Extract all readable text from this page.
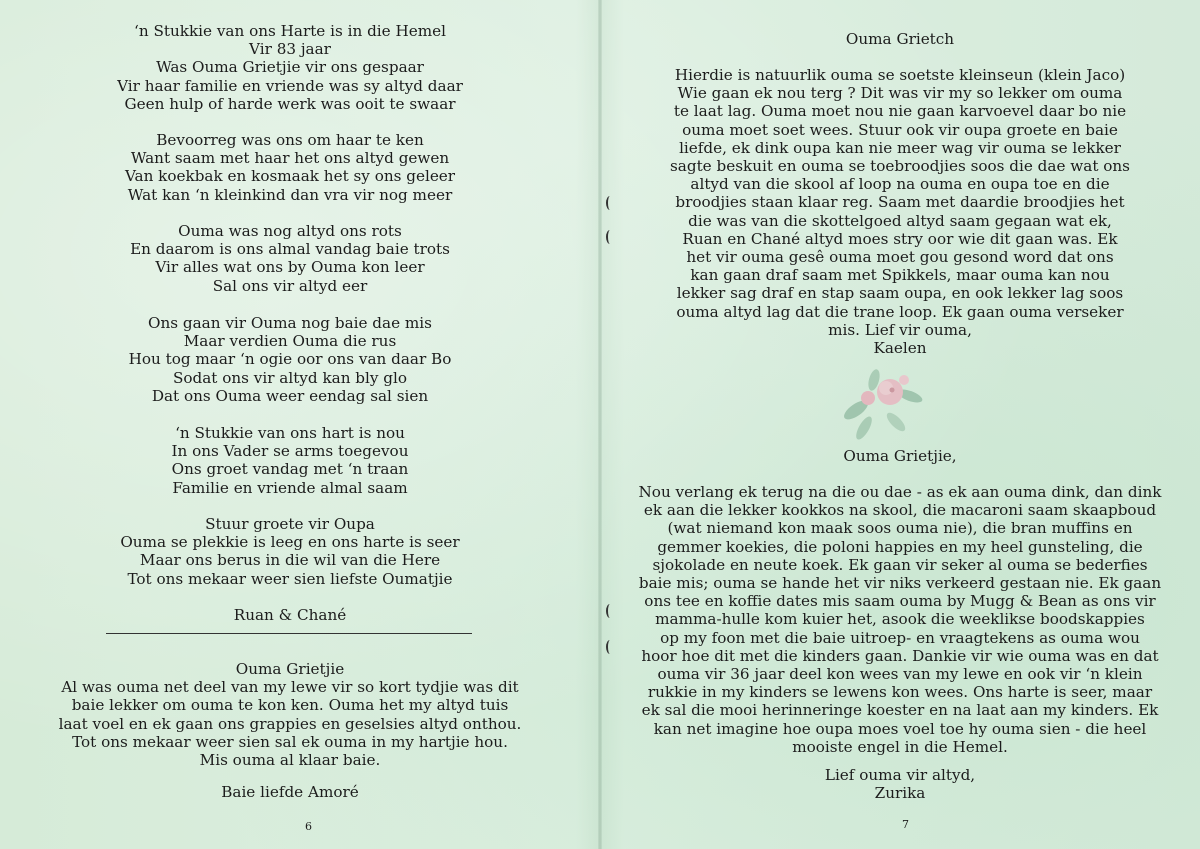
‘n Stukkie van ons Harte is in die Hemel

Vir 83 jaar

Was Ouma Grietjie vir ons gespaar

Vir haar familie en vriende was sy altyd daar

Geen hulp of harde werk was ooit te swaar

Bevoorreg was ons om haar te ken

Want saam met haar het ons altyd gewen

Van koekbak en kosmaak het sy ons geleer

Wat kan ‘n kleinkind dan vra vir nog meer

Ouma was nog altyd ons rots

En daarom is ons almal vandag baie trots

Vir alles wat ons by Ouma kon leer

Sal ons vir altyd eer

Ons gaan vir Ouma nog baie dae mis

Maar verdien Ouma die rus

Hou tog maar ‘n ogie oor ons van daar Bo

Sodat ons vir altyd kan bly glo

Dat ons Ouma weer eendag sal sien

‘n Stukkie van ons hart is nou

In ons Vader se arms toegevou

Ons groet vandag met ‘n traan

Familie en vriende almal saam

Stuur groete vir Oupa

Ouma se plekkie is leeg en ons harte is seer

Maar ons berus in die wil van die Here

Tot ons mekaar weer sien liefste Oumatjie

Ruan & Chané

Ouma Grietjie

Al was ouma net deel van my lewe vir so kort tydjie was dit

baie lekker om ouma te kon ken. Ouma het my altyd tuis

laat voel en ek gaan ons grappies en geselsies altyd onthou.

Tot ons mekaar weer sien sal ek ouma in my hartjie hou.

Mis ouma al klaar baie.

Baie liefde Amoré

6

Ouma Grietch

Hierdie is natuurlik ouma se soetste kleinseun (klein Jaco)

Wie gaan ek nou terg ? Dit was vir my so lekker om ouma

te laat lag. Ouma moet nou nie gaan karvoevel daar bo nie

ouma moet soet wees. Stuur ook vir oupa groete en baie

liefde, ek dink oupa kan nie meer wag vir ouma se lekker

sagte beskuit en ouma se toebroodjies soos die dae wat ons

altyd van die skool af loop na ouma en oupa toe en die

broodjies staan klaar reg. Saam met daardie broodjies het

die was van die skottelgoed altyd saam gegaan wat ek,

Ruan en Chané altyd moes stry oor wie dit gaan was. Ek

het vir ouma gesê ouma moet gou gesond word dat ons

kan gaan draf saam met Spikkels, maar ouma kan nou

lekker sag draf en stap saam oupa, en ook lekker lag soos

ouma altyd lag dat die trane loop. Ek gaan ouma verseker

mis. Lief vir ouma,

Kaelen

Ouma Grietjie,

Nou verlang ek terug na die ou dae - as ek aan ouma dink, dan dink

ek aan die lekker kookkos na skool, die macaroni saam skaapboud

(wat niemand kon maak soos ouma nie), die bran muffins en

gemmer koekies, die poloni happies en my heel gunsteling, die

sjokolade en neute koek. Ek gaan vir seker al ouma se bederfies

baie mis; ouma se hande het vir niks verkeerd gestaan nie. Ek gaan

ons tee en koffie dates mis saam ouma by Mugg & Bean as ons vir

mamma-hulle kom kuier het, asook die weeklikse boodskappies

op my foon met die baie uitroep- en vraagtekens as ouma wou

hoor hoe dit met die kinders gaan. Dankie vir wie ouma was en dat

ouma vir 36 jaar deel kon wees van my lewe en ook vir ‘n klein

rukkie in my kinders se lewens kon wees. Ons harte is seer, maar

ek sal die mooi herinneringe koester en na laat aan my kinders. Ek

kan net imagine hoe oupa moes voel toe hy ouma sien - die heel

mooiste engel in die Hemel.

Lief ouma vir altyd,

Zurika

7
